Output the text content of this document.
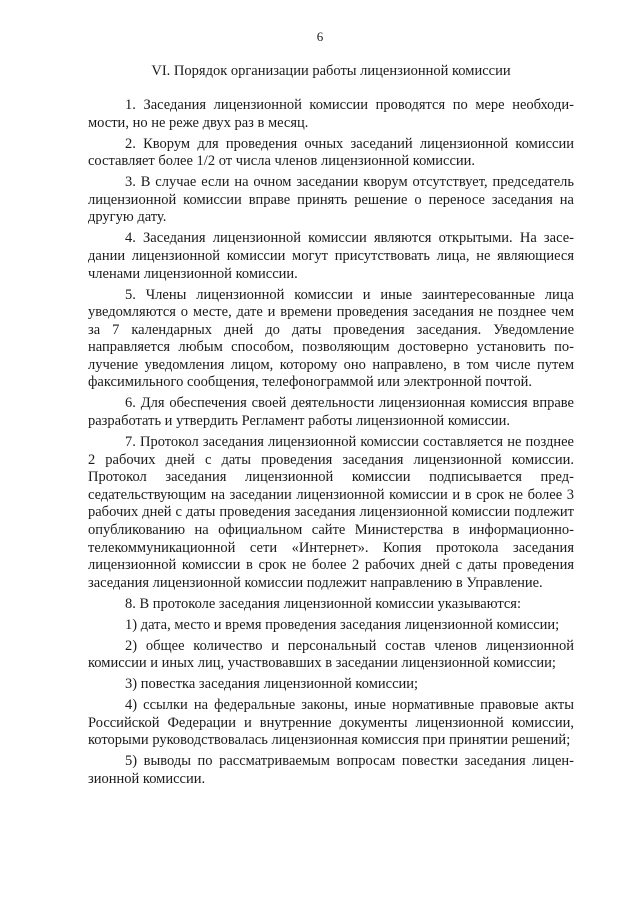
6
VI. Порядок организации работы лицензионной комиссии

1. Заседания лицензионной комиссии проводятся по мере необходимости, но не реже двух раз в месяц.

2. Кворум для проведения очных заседаний лицензионной комиссии составляет более 1/2 от числа членов лицензионной комиссии.

3. В случае если на очном заседании кворум отсутствует, председатель лицензионной комиссии вправе принять решение о переносе заседания на другую дату.

4. Заседания лицензионной комиссии являются открытыми. На заседании лицензионной комиссии могут присутствовать лица, не являющиеся членами лицензионной комиссии.

5. Члены лицензионной комиссии и иные заинтересованные лица уведомляются о месте, дате и времени проведения заседания не позднее чем за 7 календарных дней до даты проведения заседания. Уведомление направляется любым способом, позволяющим достоверно установить получение уведомления лицом, которому оно направлено, в том числе путем факсимильного сообщения, телефонограммой или электронной почтой.

6. Для обеспечения своей деятельности лицензионная комиссия вправе разработать и утвердить Регламент работы лицензионной комиссии.

7. Протокол заседания лицензионной комиссии составляется не позднее 2 рабочих дней с даты проведения заседания лицензионной комиссии. Протокол заседания лицензионной комиссии подписывается председательствующим на заседании лицензионной комиссии и в срок не более 3 рабочих дней с даты проведения заседания лицензионной комиссии подлежит опубликованию на официальном сайте Министерства в информационно-телекоммуникационной сети «Интернет». Копия протокола заседания лицензионной комиссии в срок не более 2 рабочих дней с даты проведения заседания лицензионной комиссии подлежит направлению в Управление.

8. В протоколе заседания лицензионной комиссии указываются:

1) дата, место и время проведения заседания лицензионной комиссии;

2) общее количество и персональный состав членов лицензионной комиссии и иных лиц, участвовавших в заседании лицензионной комиссии;

3) повестка заседания лицензионной комиссии;

4) ссылки на федеральные законы, иные нормативные правовые акты Российской Федерации и внутренние документы лицензионной комиссии, которыми руководствовалась лицензионная комиссия при принятии решений;

5) выводы по рассматриваемым вопросам повестки заседания лицензионной комиссии.
